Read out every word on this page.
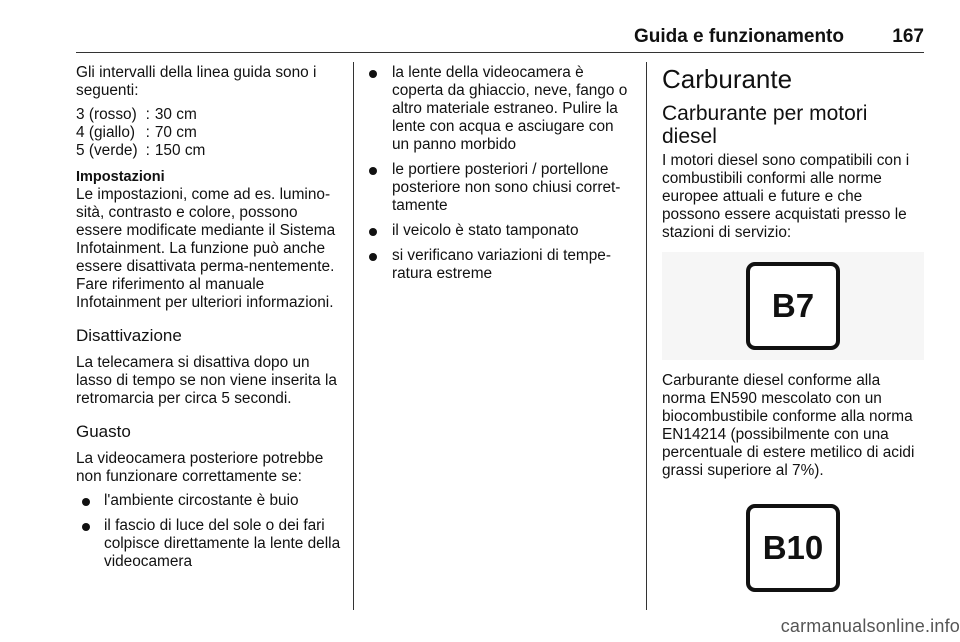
Guida e funzionamento	167

Gli intervalli della linea guida sono i seguenti:

3 (rosso)	:	30 cm
4 (giallo)	:	70 cm
5 (verde)	:	150 cm
Impostazioni

Le impostazioni, come ad es. lumino-sità, contrasto e colore, possono essere modificate mediante il Sistema Infotainment. La funzione può anche essere disattivata perma-nentemente. Fare riferimento al manuale Infotainment per ulteriori informazioni.

Disattivazione

La telecamera si disattiva dopo un lasso di tempo se non viene inserita la retromarcia per circa 5 secondi.

Guasto

La videocamera posteriore potrebbe non funzionare correttamente se:

l'ambiente circostante è buio
il fascio di luce del sole o dei fari colpisce direttamente la lente della videocamera
la lente della videocamera è coperta da ghiaccio, neve, fango o altro materiale estraneo. Pulire la lente con acqua e asciugare con un panno morbido
le portiere posteriori / portellone posteriore non sono chiusi corret-tamente
il veicolo è stato tamponato
si verificano variazioni di tempe-ratura estreme
Carburante
Carburante per motori diesel

I motori diesel sono compatibili con i combustibili conformi alle norme europee attuali e future e che possono essere acquistati presso le stazioni di servizio:

B7

Carburante diesel conforme alla norma EN590 mescolato con un biocombustibile conforme alla norma EN14214 (possibilmente con una percentuale di estere metilico di acidi grassi superiore al 7%).

B10
carmanualsonline.info
